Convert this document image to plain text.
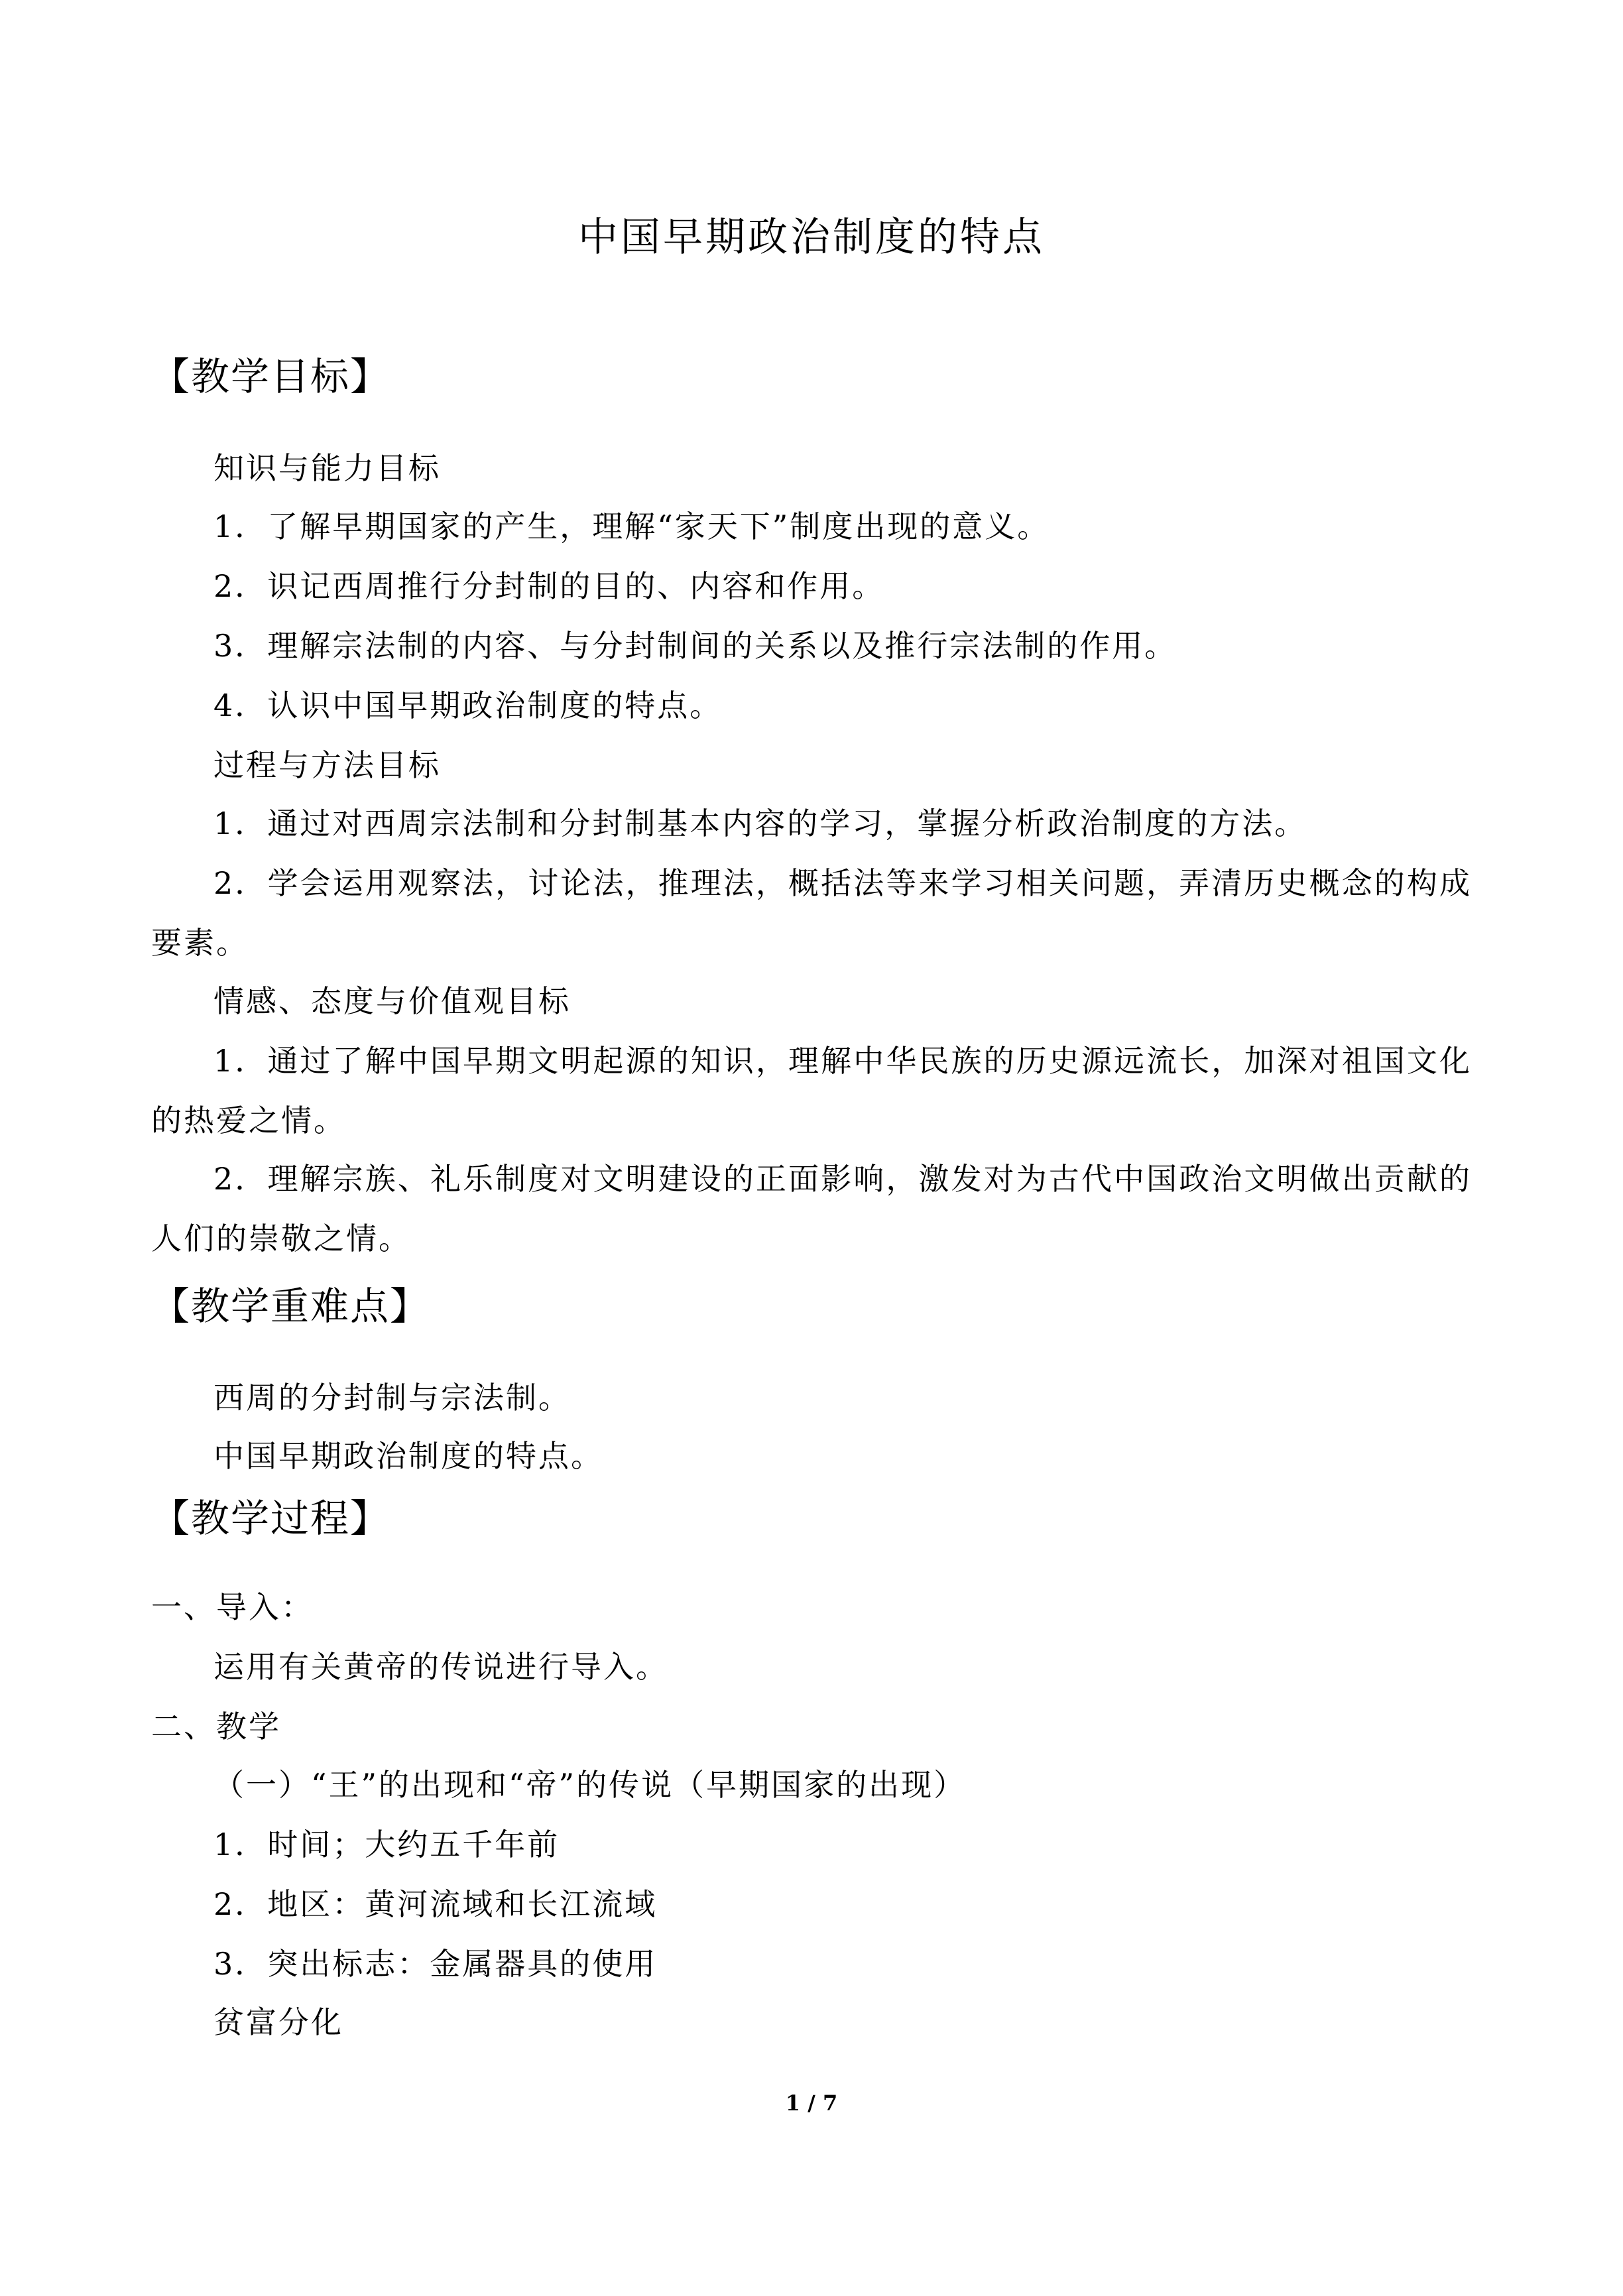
中国早期政治制度的特点
【教学目标】
知识与能力目标
1．了解早期国家的产生，理解“家天下”制度出现的意义。
2．识记西周推行分封制的目的、内容和作用。
3．理解宗法制的内容、与分封制间的关系以及推行宗法制的作用。
4．认识中国早期政治制度的特点。
过程与方法目标
1．通过对西周宗法制和分封制基本内容的学习，掌握分析政治制度的方法。
2．学会运用观察法，讨论法，推理法，概括法等来学习相关问题，弄清历史概念的构成
要素。
情感、态度与价值观目标
1．通过了解中国早期文明起源的知识，理解中华民族的历史源远流长，加深对祖国文化
的热爱之情。
2．理解宗族、礼乐制度对文明建设的正面影响，激发对为古代中国政治文明做出贡献的
人们的崇敬之情。
【教学重难点】
西周的分封制与宗法制。
中国早期政治制度的特点。
【教学过程】
一、导入：
运用有关黄帝的传说进行导入。
二、教学
（一）“王”的出现和“帝”的传说（早期国家的出现）
1．时间；大约五千年前
2．地区：黄河流域和长江流域
3．突出标志：金属器具的使用
贫富分化
1 / 7
